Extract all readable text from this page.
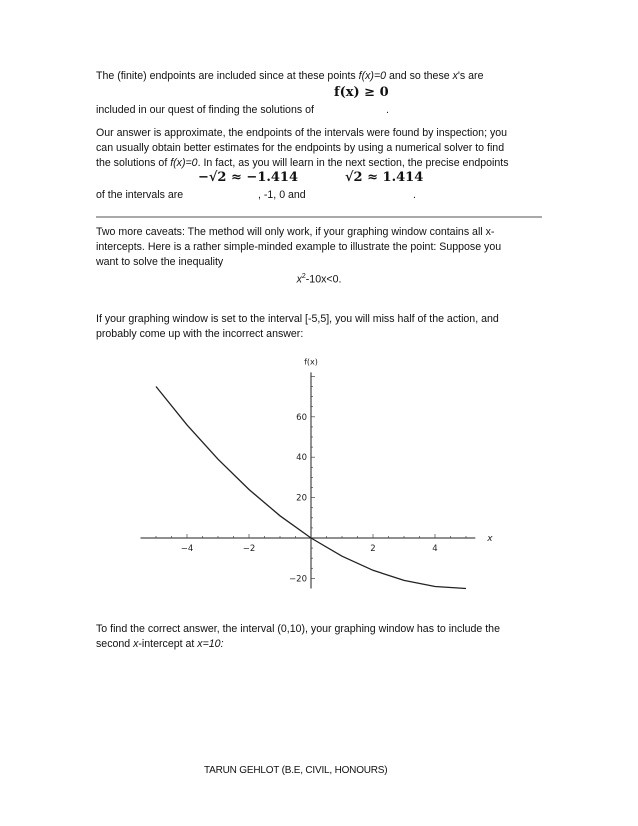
The (finite) endpoints are included since at these points f(x)=0 and so these x's are

f(x) ≥ 0

included in our quest of finding the solutions of	.

Our answer is approximate, the endpoints of the intervals were found by inspection; you

can usually obtain better estimates for the endpoints by using a numerical solver to find

the solutions of f(x)=0. In fact, as you will learn in the next section, the precise endpoints

−√2 ≈ −1.414	√2 ≈ 1.414

of the intervals are	, -1, 0 and	.

Two more caveats: The method will only work, if your graphing window contains all x-

intercepts. Here is a rather simple-minded example to illustrate the point: Suppose you

want to solve the inequality

$x^2-10x<0$.

If your graphing window is set to the interval [-5,5], you will miss half of the action, and

probably come up with the incorrect answer:

−4	−2	2	4
−20
20
40
60
x
f(x)

To find the correct answer, the interval (0,10), your graphing window has to include the

second x-intercept at x=10:

TARUN GEHLOT (B.E, CIVIL, HONOURS)
